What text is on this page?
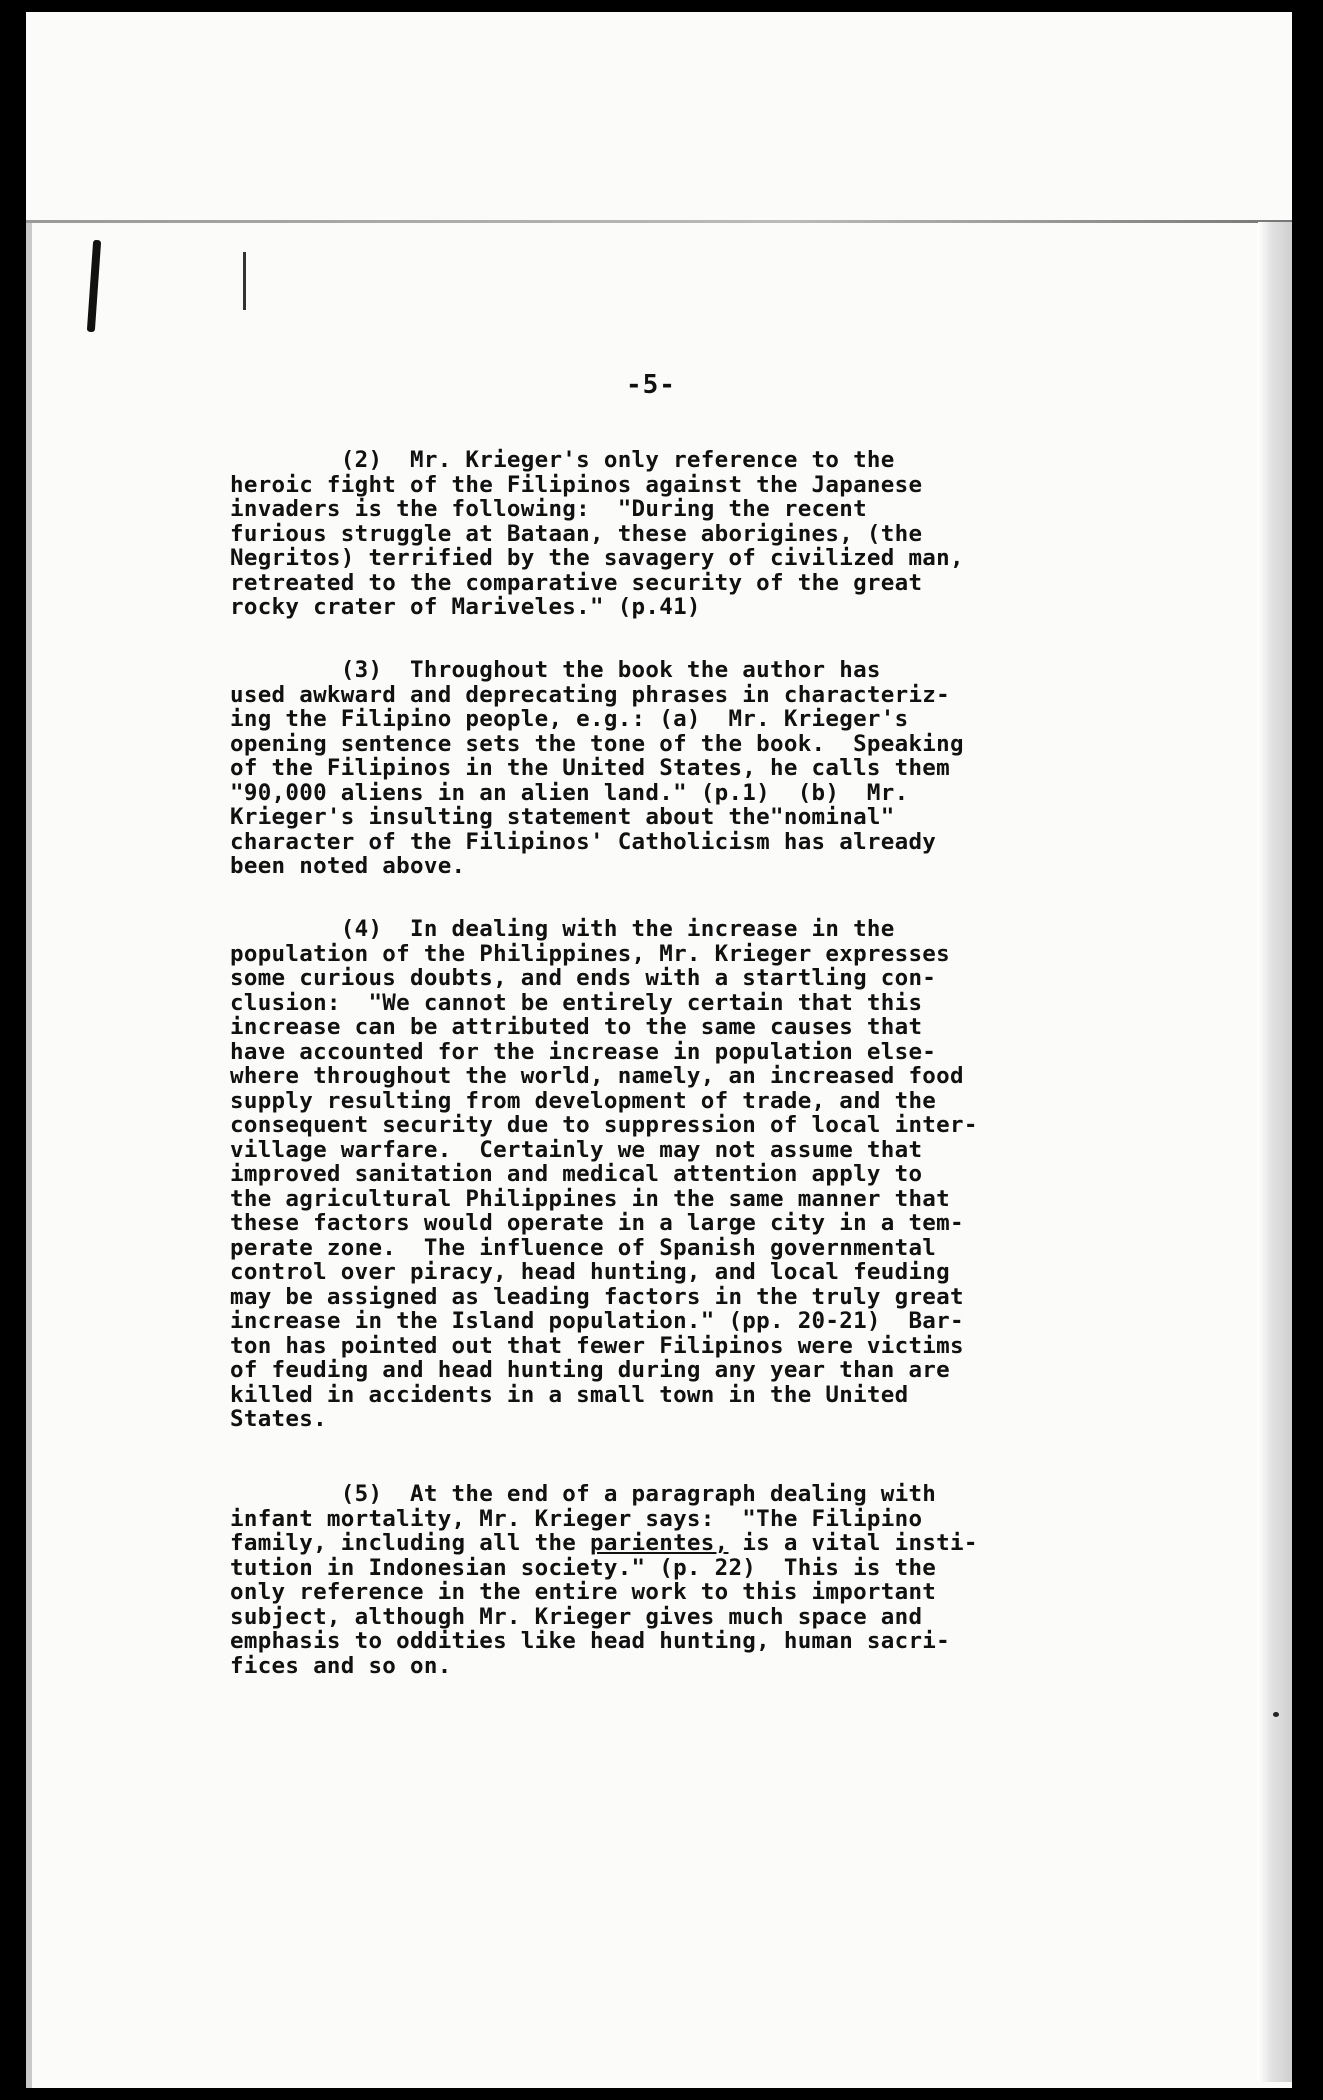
-5-
(2)  Mr. Krieger's only reference to the
heroic fight of the Filipinos against the Japanese
invaders is the following:  "During the recent
furious struggle at Bataan, these aborigines, (the
Negritos) terrified by the savagery of civilized man,
retreated to the comparative security of the great
rocky crater of Mariveles." (p.41)
(3)  Throughout the book the author has
used awkward and deprecating phrases in characteriz-
ing the Filipino people, e.g.: (a)  Mr. Krieger's
opening sentence sets the tone of the book.  Speaking
of the Filipinos in the United States, he calls them
"90,000 aliens in an alien land." (p.1)  (b)  Mr.
Krieger's insulting statement about the"nominal"
character of the Filipinos' Catholicism has already
been noted above.
(4)  In dealing with the increase in the
population of the Philippines, Mr. Krieger expresses
some curious doubts, and ends with a startling con-
clusion:  "We cannot be entirely certain that this
increase can be attributed to the same causes that
have accounted for the increase in population else-
where throughout the world, namely, an increased food
supply resulting from development of trade, and the
consequent security due to suppression of local inter-
village warfare.  Certainly we may not assume that
improved sanitation and medical attention apply to
the agricultural Philippines in the same manner that
these factors would operate in a large city in a tem-
perate zone.  The influence of Spanish governmental
control over piracy, head hunting, and local feuding
may be assigned as leading factors in the truly great
increase in the Island population." (pp. 20-21)  Bar-
ton has pointed out that fewer Filipinos were victims
of feuding and head hunting during any year than are
killed in accidents in a small town in the United
States.
(5)  At the end of a paragraph dealing with
infant mortality, Mr. Krieger says:  "The Filipino
family, including all the parientes, is a vital insti-
tution in Indonesian society." (p. 22)  This is the
only reference in the entire work to this important
subject, although Mr. Krieger gives much space and
emphasis to oddities like head hunting, human sacri-
fices and so on.
